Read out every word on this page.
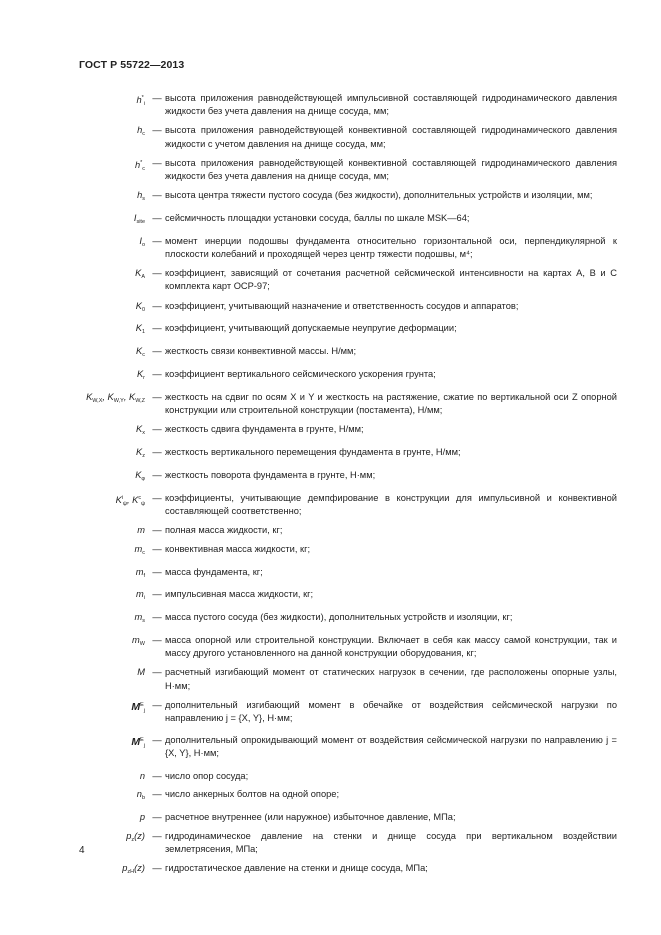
ГОСТ Р 55722—2013
$h^*_i$
— высота приложения равнодействующей импульсивной составляющей гидродинамического давления жидкости без учета давления на днище сосуда, мм;
$h_c$ — высота приложения равнодействующей конвективной составляющей гидродинамического давления жидкости с учетом давления на днище сосуда, мм;
$h^*_c$
— высота приложения равнодействующей конвективной составляющей гидродинамического давления жидкости без учета давления на днище сосуда, мм;
$h_s$ — высота центра тяжести пустого сосуда (без жидкости), дополнительных устройств и изоляции, мм;
$I_{site}$ — сейсмичность площадки установки сосуда, баллы по шкале MSK—64;
$I_o$ — момент инерции подошвы фундамента относительно горизонтальной оси, перпендикулярной к плоскости колебаний и проходящей через центр тяжести подошвы, м⁴;
$K_A$ — коэффициент, зависящий от сочетания расчетной сейсмической интенсивности на картах А, В и С комплекта карт ОСР-97;
$K_0$ — коэффициент, учитывающий назначение и ответственность сосудов и аппаратов;
$K_1$ — коэффициент, учитывающий допускаемые неупругие деформации;
$K_c$ — жесткость связи конвективной массы. Н/мм;
$K_r$ — коэффициент вертикального сейсмического ускорения грунта;
$K_{W,X}$, $K_{W,Y}$, $K_{W,Z}$ — жесткость на сдвиг по осям X и Y и жесткость на растяжение, сжатие по вертикальной оси Z опорной конструкции или строительной конструкции (постамента), Н/мм;
$K_x$ — жесткость сдвига фундамента в грунте, Н/мм;
$K_z$ — жесткость вертикального перемещения фундамента в грунте, Н/мм;
$K_\varphi$ — жесткость поворота фундамента в грунте, Н·мм;
$K^i_\psi$, $K^c_\psi$
— коэффициенты, учитывающие демпфирование в конструкции для импульсивной и конвективной составляющей соответственно;
m — полная масса жидкости, кг;
$m_c$ — конвективная масса жидкости, кг;
$m_f$ — масса фундамента, кг;
$m_i$ — импульсивная масса жидкости, кг;
$m_s$ — масса пустого сосуда (без жидкости), дополнительных устройств и изоляции, кг;
$m_W$ — масса опорной или строительной конструкции. Включает в себя как массу самой конструкции, так и массу другого установленного на данной конструкции оборудования, кг;
M — расчетный изгибающий момент от статических нагрузок в сечении, где расположены опорные узлы, Н·мм;
$M^E_j$
— дополнительный изгибающий момент в обечайке от воздействия сейсмической нагрузки по направлению j = {X, Y}, Н·мм;
$M^E_j$
— дополнительный опрокидывающий момент от воздействия сейсмической нагрузки по направлению j = {X, Y}, Н·мм;
n — число опор сосуда;
$n_b$ — число анкерных болтов на одной опоре;
p — расчетное внутреннее (или наружное) избыточное давление, МПа;
$p_z(z)$ — гидродинамическое давление на стенки и днище сосуда при вертикальном воздействии землетрясения, МПа;
$p_{zH}(z)$ — гидростатическое давление на стенки и днище сосуда, МПа;
4
